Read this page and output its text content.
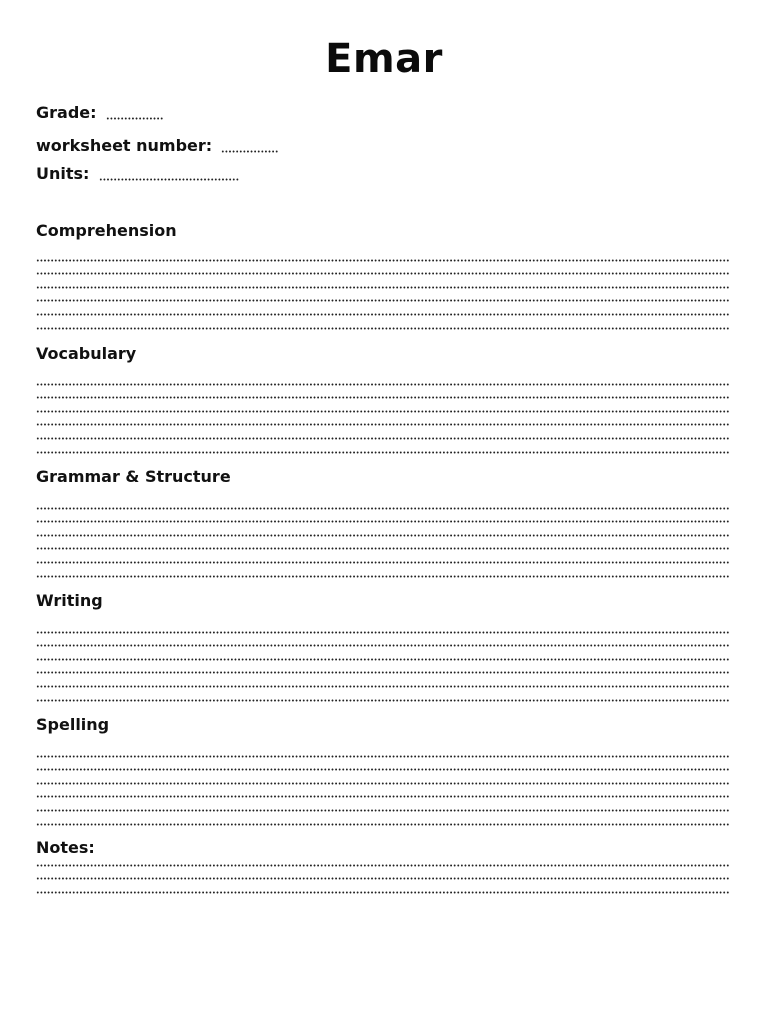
Emar
Grade:
worksheet number:
Units:
Comprehension
Vocabulary
Grammar & Structure
Writing
Spelling
Notes:
